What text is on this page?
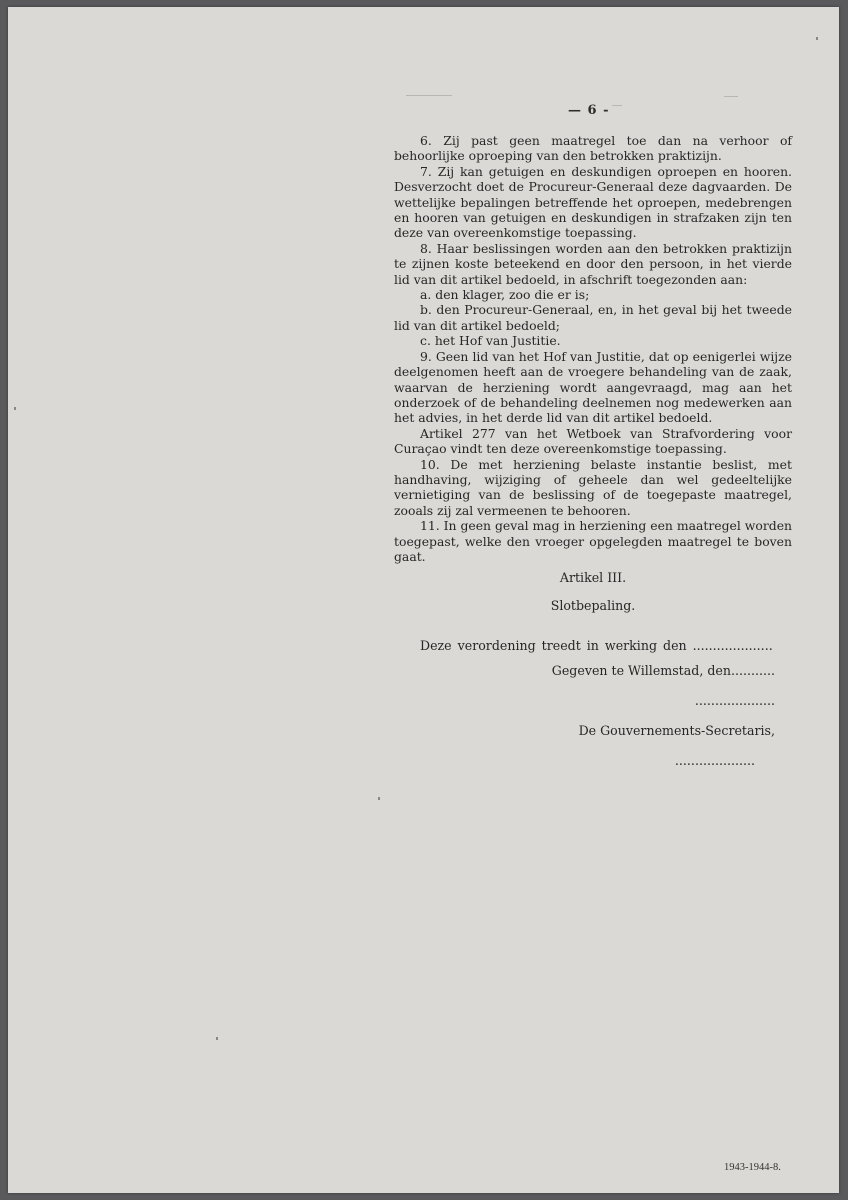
— 6 -

6. Zij past geen maatregel toe dan na verhoor of behoorlijke oproeping van den betrokken praktizijn.

7. Zij kan getuigen en deskundigen oproepen en hooren. Desverzocht doet de Procureur-Generaal deze dagvaarden. De wettelijke bepalingen betreffende het oproepen, medebrengen en hooren van getuigen en deskundigen in strafzaken zijn ten deze van overeenkomstige toepassing.

8. Haar beslissingen worden aan den betrokken praktizijn te zijnen koste beteekend en door den persoon, in het vierde lid van dit artikel bedoeld, in afschrift toegezonden aan:

a. den klager, zoo die er is;

b. den Procureur-Generaal, en, in het geval bij het tweede lid van dit artikel bedoeld;

c. het Hof van Justitie.

9. Geen lid van het Hof van Justitie, dat op eenigerlei wijze deelgenomen heeft aan de vroegere behandeling van de zaak, waarvan de herziening wordt aangevraagd, mag aan het onderzoek of de behandeling deelnemen nog medewerken aan het advies, in het derde lid van dit artikel bedoeld.

Artikel 277 van het Wetboek van Strafvordering voor Curaçao vindt ten deze overeenkomstige toepassing.

10. De met herziening belaste instantie beslist, met handhaving, wijziging of geheele dan wel gedeeltelijke vernietiging van de beslissing of de toegepaste maatregel, zooals zij zal vermeenen te behooren.

11. In geen geval mag in herziening een maatregel worden toegepast, welke den vroeger opgelegden maatregel te boven gaat.

Artikel III.
Slotbepaling.
Deze verordening treedt in werking den ....................
Gegeven te Willemstad, den...........
....................
De Gouvernements-Secretaris,
....................
1943-1944-8.
